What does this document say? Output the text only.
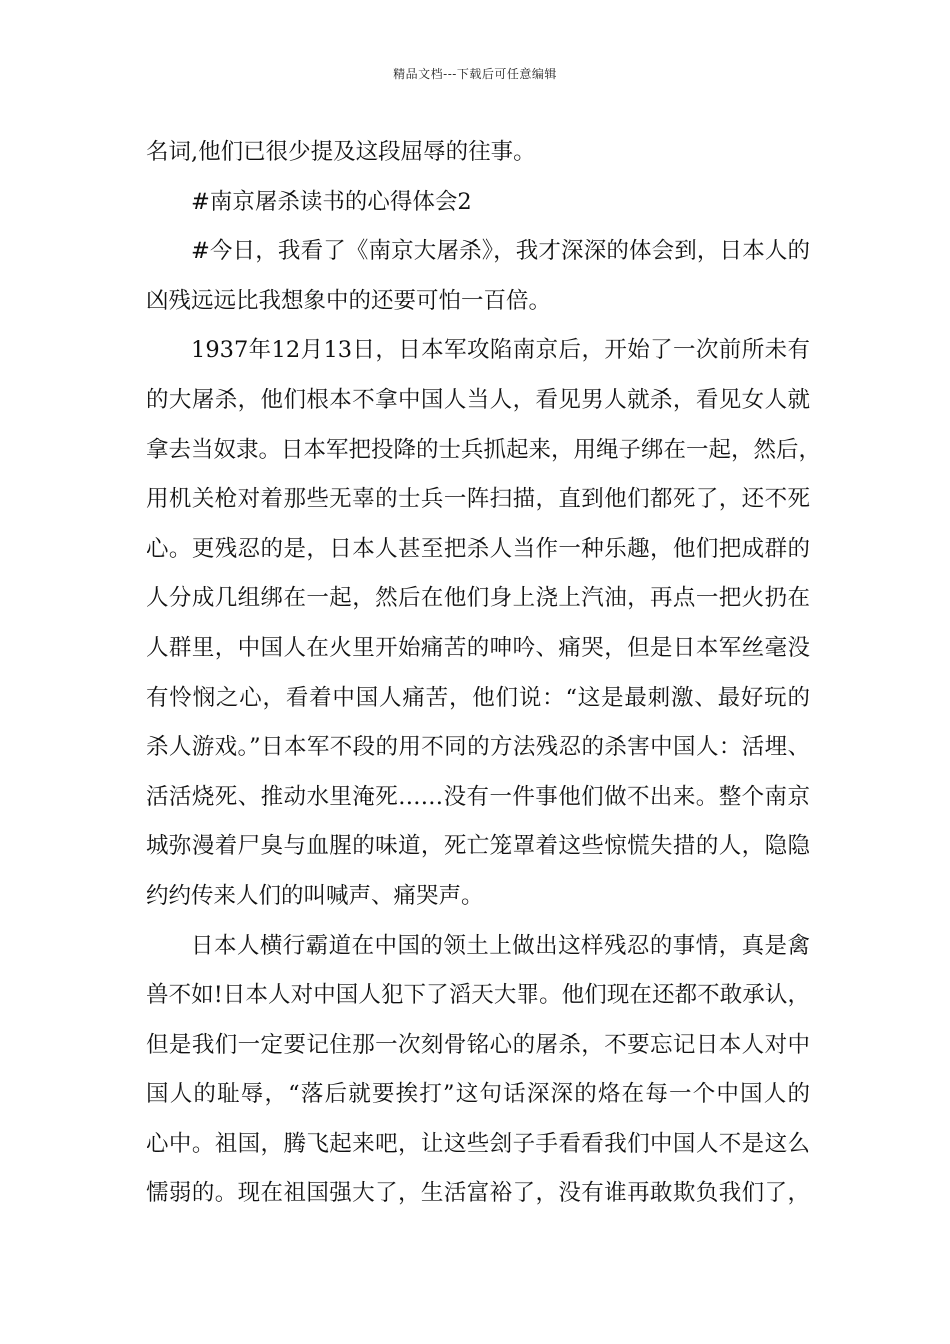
精品文档---下载后可任意编辑
名词,他们已很少提及这段屈辱的往事。
#南京屠杀读书的心得体会2
#今日，我看了《南京大屠杀》，我才深深的体会到，日本人的
凶残远远比我想象中的还要可怕一百倍。
1937年12月13日，日本军攻陷南京后，开始了一次前所未有
的大屠杀，他们根本不拿中国人当人，看见男人就杀，看见女人就
拿去当奴隶。日本军把投降的士兵抓起来，用绳子绑在一起，然后，
用机关枪对着那些无辜的士兵一阵扫描，直到他们都死了，还不死
心。更残忍的是，日本人甚至把杀人当作一种乐趣，他们把成群的
人分成几组绑在一起，然后在他们身上浇上汽油，再点一把火扔在
人群里，中国人在火里开始痛苦的呻吟、痛哭，但是日本军丝毫没
有怜悯之心，看着中国人痛苦，他们说：“这是最刺激、最好玩的
杀人游戏。”日本军不段的用不同的方法残忍的杀害中国人：活埋、
活活烧死、推动水里淹死……没有一件事他们做不出来。整个南京
城弥漫着尸臭与血腥的味道，死亡笼罩着这些惊慌失措的人，隐隐
约约传来人们的叫喊声、痛哭声。
日本人横行霸道在中国的领土上做出这样残忍的事情，真是禽
兽不如!日本人对中国人犯下了滔天大罪。他们现在还都不敢承认，
但是我们一定要记住那一次刻骨铭心的屠杀，不要忘记日本人对中
国人的耻辱，“落后就要挨打”这句话深深的烙在每一个中国人的
心中。祖国，腾飞起来吧，让这些刽子手看看我们中国人不是这么
懦弱的。现在祖国强大了，生活富裕了，没有谁再敢欺负我们了，
